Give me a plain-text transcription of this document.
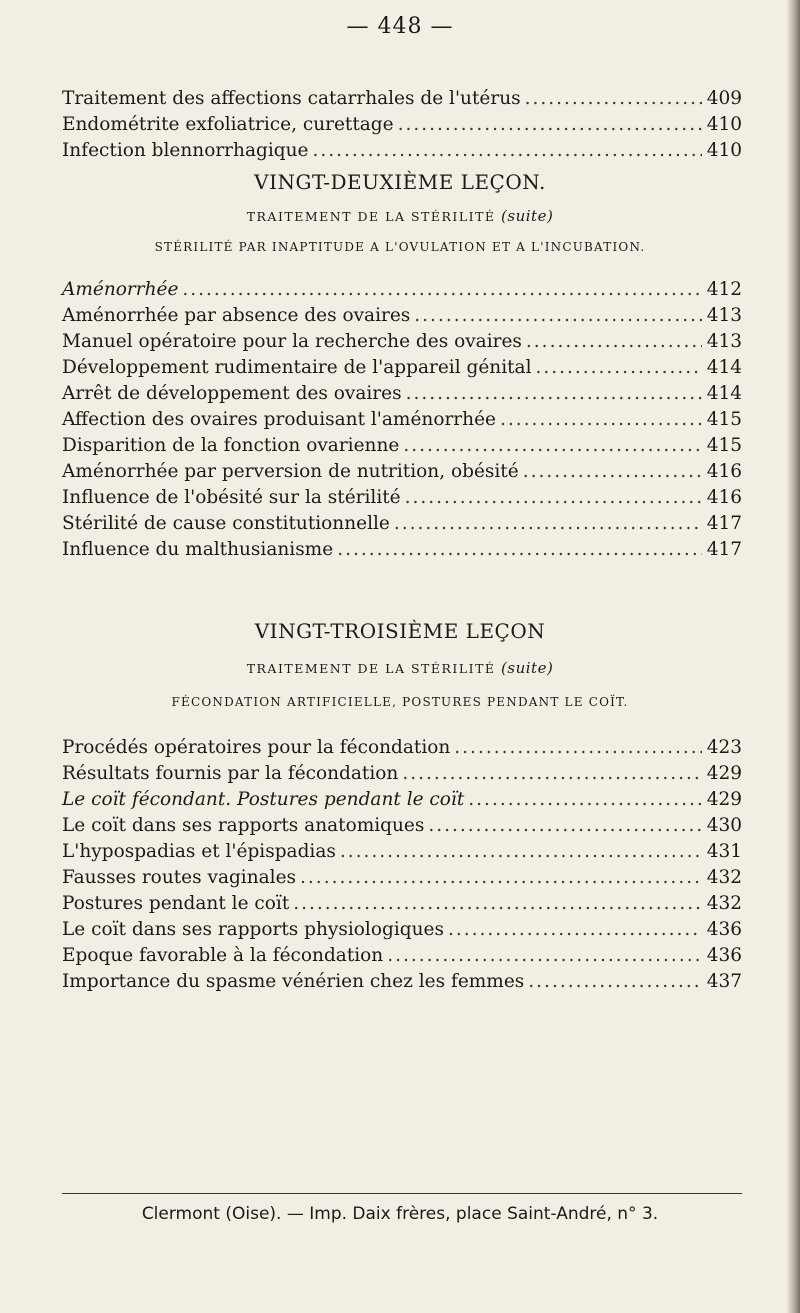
— 448 —
Traitement des affections catarrhales de l'utérus .....	409
Endométrite exfoliatrice, curettage .....	410
Infection blennorrhagique .....	410
VINGT-DEUXIÈME LEÇON.
TRAITEMENT DE LA STÉRILITÉ (suite)
STÉRILITÉ PAR INAPTITUDE A L'OVULATION ET A L'INCUBATION.
Aménorrhée .....	412
Aménorrhée par absence des ovaires .....	413
Manuel opératoire pour la recherche des ovaires .....	413
Développement rudimentaire de l'appareil génital .....	414
Arrêt de développement des ovaires .....	414
Affection des ovaires produisant l'aménorrhée .....	415
Disparition de la fonction ovarienne .....	415
Aménorrhée par perversion de nutrition, obésité .....	416
Influence de l'obésité sur la stérilité .....	416
Stérilité de cause constitutionnelle .....	417
Influence du malthusianisme .....	417
VINGT-TROISIÈME LEÇON
TRAITEMENT DE LA STÉRILITÉ (suite)
FÉCONDATION ARTIFICIELLE, POSTURES PENDANT LE COÏT.
Procédés opératoires pour la fécondation .....	423
Résultats fournis par la fécondation .....	429
Le coït fécondant. Postures pendant le coït .....	429
Le coït dans ses rapports anatomiques .....	430
L'hypospadias et l'épispadias .....	431
Fausses routes vaginales .....	432
Postures pendant le coït .....	432
Le coït dans ses rapports physiologiques .....	436
Epoque favorable à la fécondation .....	436
Importance du spasme vénérien chez les femmes .....	437
Clermont (Oise). — Imp. Daix frères, place Saint-André, n° 3.
